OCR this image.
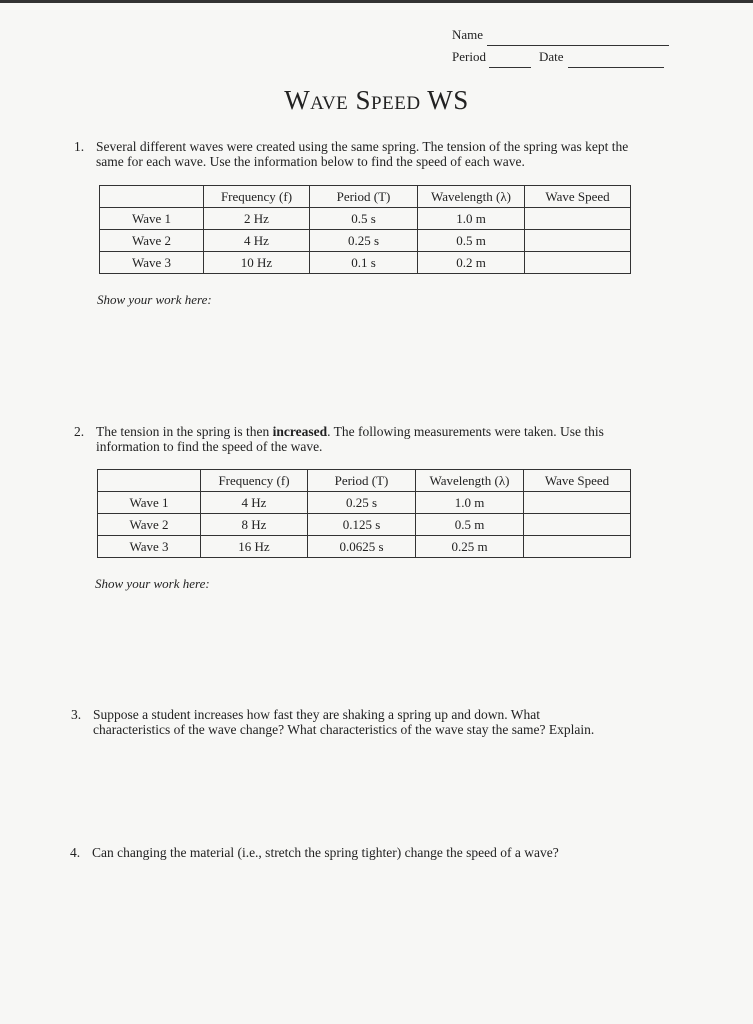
Name
Period	Date
Wave Speed WS
1. Several different waves were created using the same spring. The tension of the spring was kept the same for each wave. Use the information below to find the speed of each wave.
	Frequency (f)	Period (T)	Wavelength (λ)	Wave Speed
Wave 1	2 Hz	0.5 s	1.0 m	
Wave 2	4 Hz	0.25 s	0.5 m	
Wave 3	10 Hz	0.1 s	0.2 m	
Show your work here:
2. The tension in the spring is then increased. The following measurements were taken. Use this information to find the speed of the wave.
	Frequency (f)	Period (T)	Wavelength (λ)	Wave Speed
Wave 1	4 Hz	0.25 s	1.0 m	
Wave 2	8 Hz	0.125 s	0.5 m	
Wave 3	16 Hz	0.0625 s	0.25 m	
Show your work here:
3. Suppose a student increases how fast they are shaking a spring up and down. What characteristics of the wave change? What characteristics of the wave stay the same? Explain.
4. Can changing the material (i.e., stretch the spring tighter) change the speed of a wave?
